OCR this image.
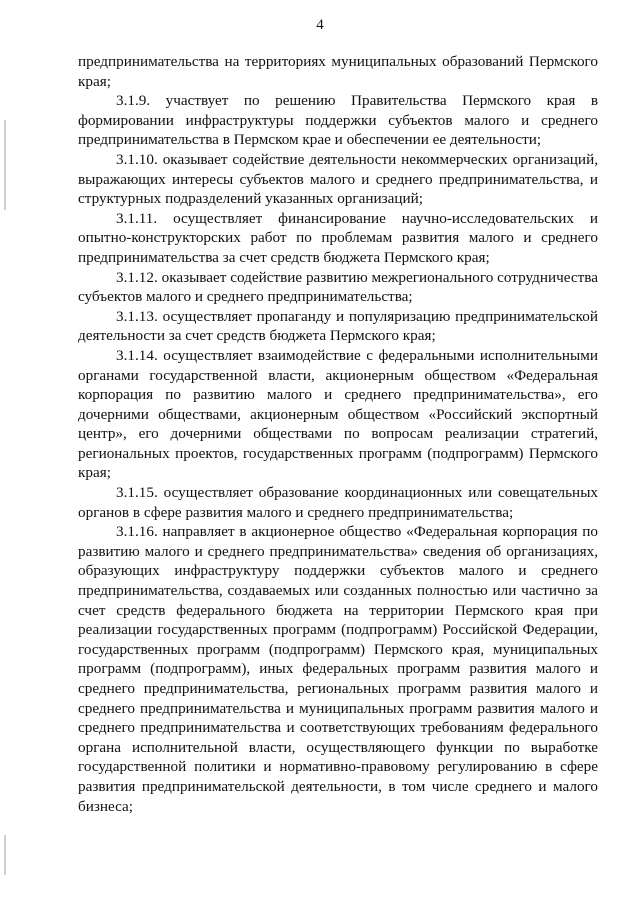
4

предпринимательства на территориях муниципальных образований Пермского края;

3.1.9. участвует по решению Правительства Пермского края в формировании инфраструктуры поддержки субъектов малого и среднего предпринимательства в Пермском крае и обеспечении ее деятельности;

3.1.10. оказывает содействие деятельности некоммерческих организаций, выражающих интересы субъектов малого и среднего предпринимательства, и структурных подразделений указанных организаций;

3.1.11. осуществляет финансирование научно-исследовательских и опытно-конструкторских работ по проблемам развития малого и среднего предпринимательства за счет средств бюджета Пермского края;

3.1.12. оказывает содействие развитию межрегионального сотрудничества субъектов малого и среднего предпринимательства;

3.1.13. осуществляет пропаганду и популяризацию предпринимательской деятельности за счет средств бюджета Пермского края;

3.1.14. осуществляет взаимодействие с федеральными исполнительными органами государственной власти, акционерным обществом «Федеральная корпорация по развитию малого и среднего предпринимательства», его дочерними обществами, акционерным обществом «Российский экспортный центр», его дочерними обществами по вопросам реализации стратегий, региональных проектов, государственных программ (подпрограмм) Пермского края;

3.1.15. осуществляет образование координационных или совещательных органов в сфере развития малого и среднего предпринимательства;

3.1.16. направляет в акционерное общество «Федеральная корпорация по развитию малого и среднего предпринимательства» сведения об организациях, образующих инфраструктуру поддержки субъектов малого и среднего предпринимательства, создаваемых или созданных полностью или частично за счет средств федерального бюджета на территории Пермского края при реализации государственных программ (подпрограмм) Российской Федерации, государственных программ (подпрограмм) Пермского края, муниципальных программ (подпрограмм), иных федеральных программ развития малого и среднего предпринимательства, региональных программ развития малого и среднего предпринимательства и муниципальных программ развития малого и среднего предпринимательства и соответствующих требованиям федерального органа исполнительной власти, осуществляющего функции по выработке государственной политики и нормативно-правовому регулированию в сфере развития предпринимательской деятельности, в том числе среднего и малого бизнеса;
